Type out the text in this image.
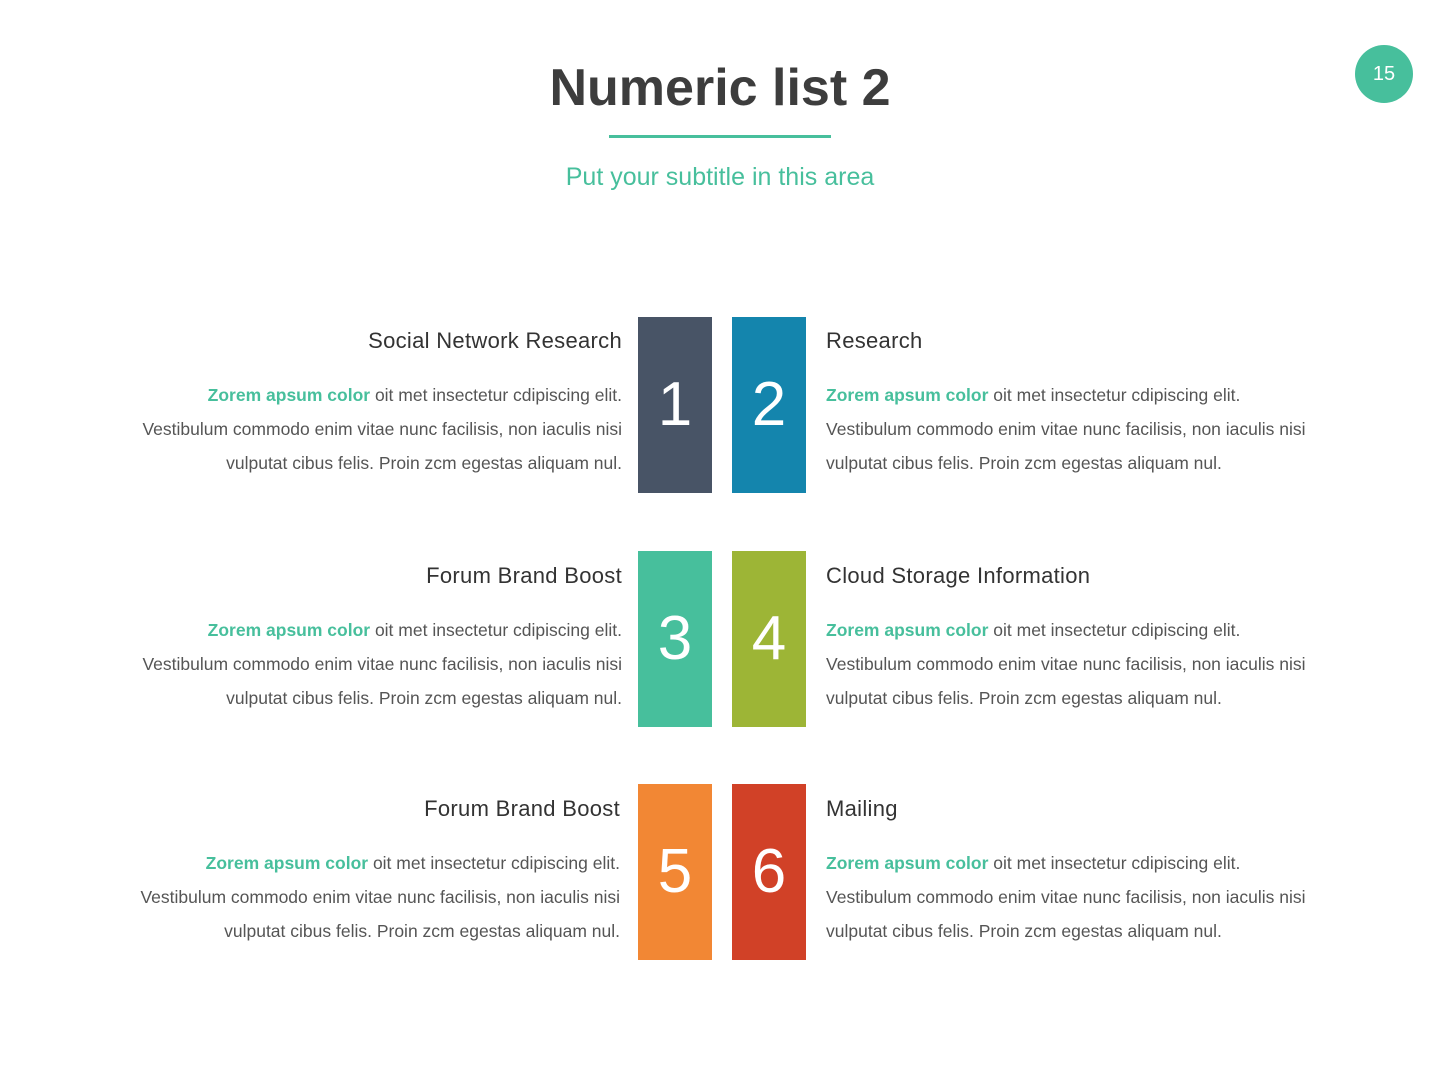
15
Numeric list 2
Put your subtitle in this area
1 2
3 4
5 6
Social Network Research
Zorem apsum color oit met insectetur cdipiscing elit.
Vestibulum commodo enim vitae nunc facilisis, non iaculis nisi
vulputat cibus felis. Proin zcm egestas aliquam nul.
Research
Zorem apsum color oit met insectetur cdipiscing elit.
Vestibulum commodo enim vitae nunc facilisis, non iaculis nisi
vulputat cibus felis. Proin zcm egestas aliquam nul.
Forum Brand Boost
Zorem apsum color oit met insectetur cdipiscing elit.
Vestibulum commodo enim vitae nunc facilisis, non iaculis nisi
vulputat cibus felis. Proin zcm egestas aliquam nul.
Cloud Storage Information
Zorem apsum color oit met insectetur cdipiscing elit.
Vestibulum commodo enim vitae nunc facilisis, non iaculis nisi
vulputat cibus felis. Proin zcm egestas aliquam nul.
Forum Brand Boost
Zorem apsum color oit met insectetur cdipiscing elit.
Vestibulum commodo enim vitae nunc facilisis, non iaculis nisi
vulputat cibus felis. Proin zcm egestas aliquam nul.
Mailing
Zorem apsum color oit met insectetur cdipiscing elit.
Vestibulum commodo enim vitae nunc facilisis, non iaculis nisi
vulputat cibus felis. Proin zcm egestas aliquam nul.
